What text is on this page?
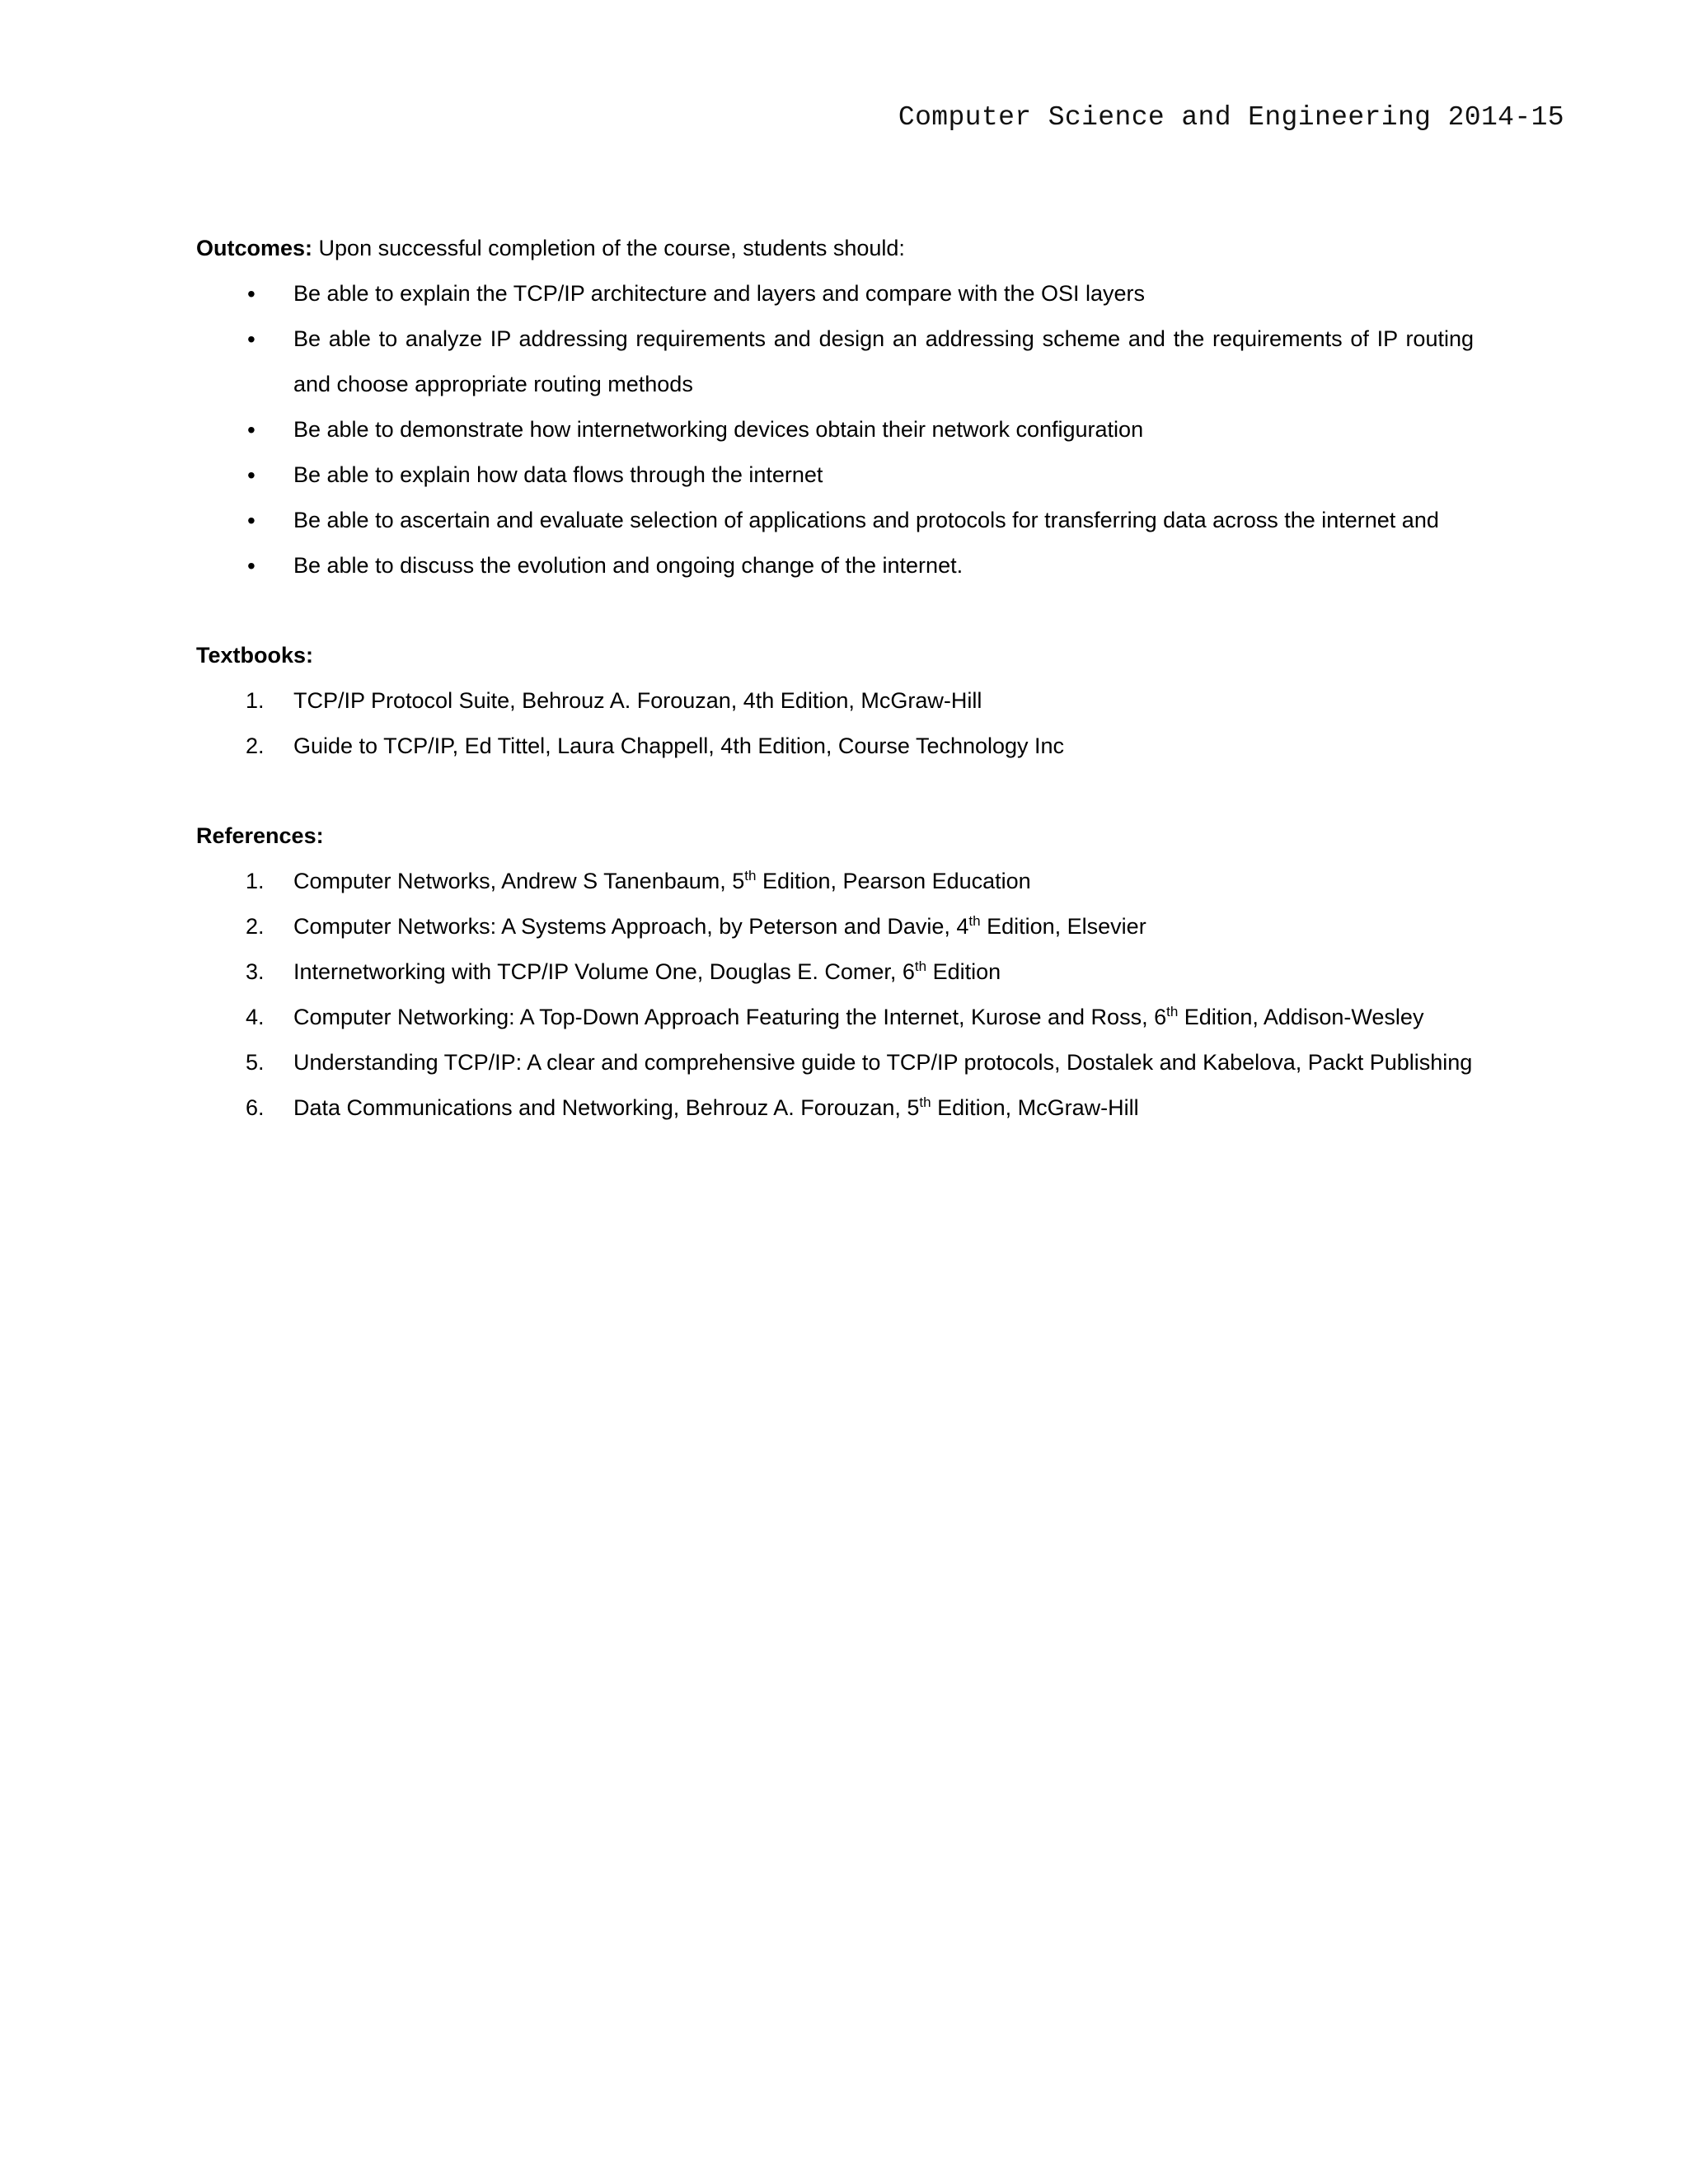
Computer Science and Engineering 2014-15

Outcomes: Upon successful completion of the course, students should:

• Be able to explain the TCP/IP architecture and layers and compare with the OSI layers
• Be able to analyze IP addressing requirements and design an addressing scheme and the requirements of IP routing and choose appropriate routing methods
• Be able to demonstrate how internetworking devices obtain their network configuration
• Be able to explain how data flows through the internet
• Be able to ascertain and evaluate selection of applications and protocols for transferring data across the internet and
• Be able to discuss the evolution and ongoing change of the internet.
Textbooks:
1. TCP/IP Protocol Suite, Behrouz A. Forouzan, 4th Edition, McGraw-Hill
2. Guide to TCP/IP, Ed Tittel, Laura Chappell, 4th Edition, Course Technology Inc
References:
1. Computer Networks, Andrew S Tanenbaum, 5th Edition, Pearson Education
2. Computer Networks: A Systems Approach, by Peterson and Davie, 4th Edition, Elsevier
3. Internetworking with TCP/IP Volume One, Douglas E. Comer, 6th Edition
4. Computer Networking: A Top-Down Approach Featuring the Internet, Kurose and Ross, 6th Edition, Addison-Wesley
5. Understanding TCP/IP: A clear and comprehensive guide to TCP/IP protocols, Dostalek and Kabelova, Packt Publishing
6. Data Communications and Networking, Behrouz A. Forouzan, 5th Edition, McGraw-Hill
